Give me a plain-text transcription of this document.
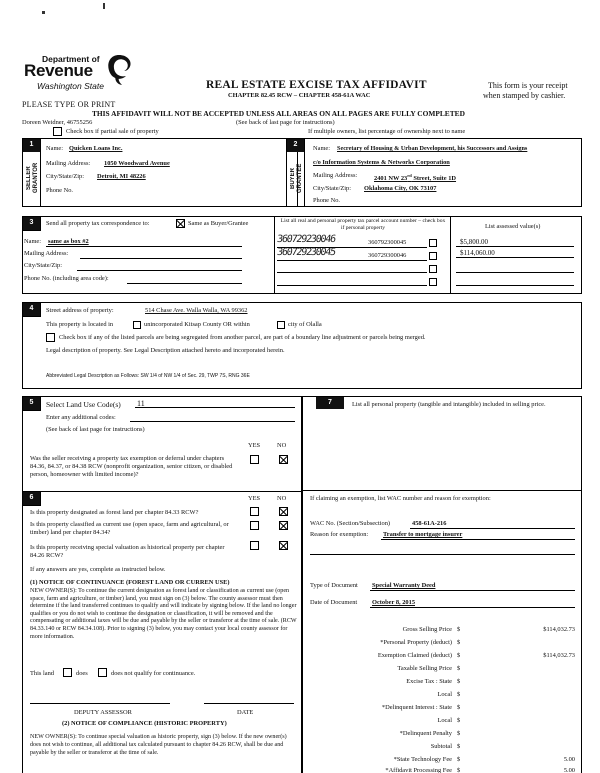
Department of
Revenue
Washington State	REAL ESTATE EXCISE TAX AFFIDAVIT
CHAPTER 82.45 RCW – CHAPTER 458-61A WAC
This form is your receipt
when stamped by cashier.
PLEASE TYPE OR PRINT
THIS AFFIDAVIT WILL NOT BE ACCEPTED UNLESS ALL AREAS ON ALL PAGES ARE FULLY COMPLETED
Doreen Weidner, 46755256	(See back of last page for instructions)
Check box if partial sale of property	If multiple owners, list percentage of ownership next to name
1	2
SELLER GRANTOR	BUYER GRANTEE
Name: Quicken Loans Inc.
Mailing Address: 1050 Woodward Avenue
City/State/Zip: Detroit, MI 48226
Phone No.
Name: Secretary of Housing & Urban Development, his Successors and Assigns
c/o Information Systems & Networks Corporation
Mailing Address:	2401 NW 23rd Street, Suite 1D
City/State/Zip: Oklahoma City, OK 73107
Phone No.
3	Send all property tax correspondence to:	Same as Buyer/Grantee
Name: same as box #2
Mailing Address:
City/State/Zip:
Phone No. (including area code):
List all real and personal property tax parcel account number – check box if personal property	List assessed value(s)
360729230046	360792300045	$5,800.00
360729230045	360729300046	$114,060.00
4	Street address of property:	514 Chase Ave. Walla Walla, WA 99362
This property is located in	unincorporated Kitsap County OR within	city of Olalla
Check box if any of the listed parcels are being segregated from another parcel, are part of a boundary line adjustment or parcels being merged.
Legal description of property. See Legal Description attached hereto and incorporated herein.
Abbreviated Legal Description as Follows: SW 1/4 of NW 1/4 of Sec. 29, TWP 7S, RNG 36E
5	Select Land Use Code(s) 11
Enter any additional codes:
(See back of last page for instructions)
YES	NO
Was the seller receiving a property tax exemption or deferral under chapters 84.36, 84.37, or 84.38 RCW (nonprofit organization, senior citizen, or disabled person, homeowner with limited income)?
6	YES	NO
Is this property designated as forest land per chapter 84.33 RCW?
Is this property classified as current use (open space, farm and agricultural, or timber) land per chapter 84.34?
Is this property receiving special valuation as historical property per chapter 84.26 RCW?
If any answers are yes, complete as instructed below.
(1) NOTICE OF CONTINUANCE (FOREST LAND OR CURREN USE)
NEW OWNER(S): To continue the current designation as forest land or classification as current use (open space, farm and agriculture, or timber) land, you must sign on (3) below. The county assessor must then determine if the land transferred continues to qualify and will indicate by signing below. If the land no longer qualifies or you do not wish to continue the designation or classification, it will be removed and the compensating or additional taxes will be due and payable by the seller or transferor at the time of sale. (RCW 84.33.140 or RCW 84.34.108). Prior to signing (3) below, you may contact your local county assessor for more information.
This land	does	does not qualify for continuance.
DEPUTY ASSESSOR	DATE
(2) NOTICE OF COMPLIANCE (HISTORIC PROPERTY)
NEW OWNER(S): To continue special valuation as historic property, sign (3) below. If the new owner(s) does not wish to continue, all additional tax calculated pursuant to chapter 84.26 RCW, shall be due and payable by the seller or transferor at the time of sale.
7	List all personal property (tangible and intangible) included in selling price.
If claiming an exemption, list WAC number and reason for exemption:
WAC No. (Section/Subsection)	458-61A-216
Reason for exemption: Transfer to mortgage insurer
Type of Document Special Warranty Deed
Date of Document October 8, 2015
Gross Selling Price $	$114,032.73
*Personal Property (deduct) $
Exemption Claimed (deduct) $	$114,032.73
Taxable Selling Price $
Excise Tax : State $
Local $
*Delinquent Interest : State $
Local $
*Delinquent Penalty $
Subtotal $
*State Technology Fee $	5.00
*Affidavit Processing Fee $	5.00
